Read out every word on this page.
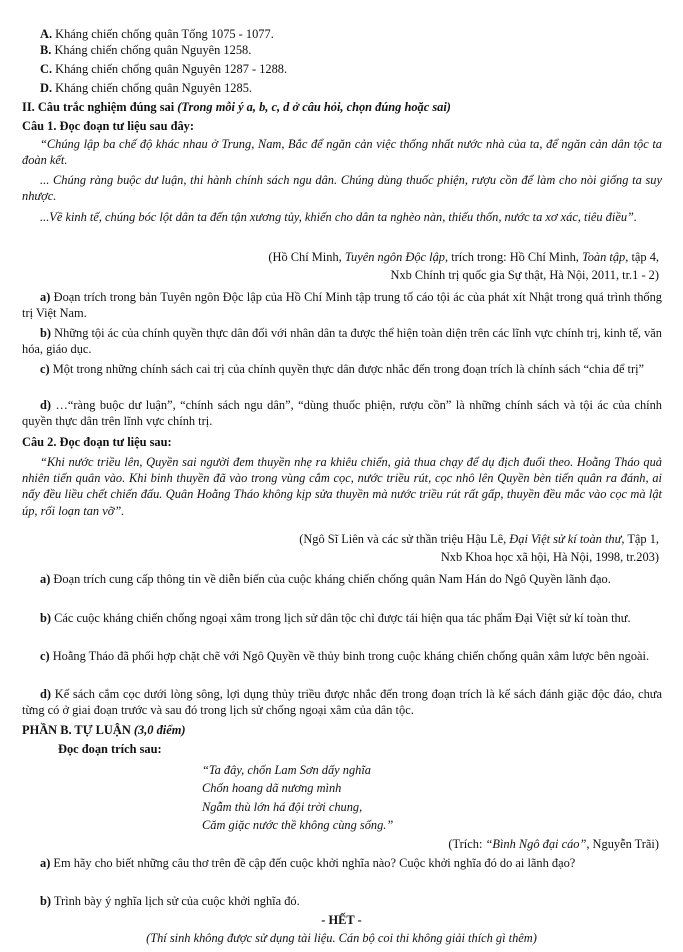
A. Kháng chiến chống quân Tống 1075 - 1077.
B. Kháng chiến chống quân Nguyên 1258.
C. Kháng chiến chống quân Nguyên 1287 - 1288.
D. Kháng chiến chống quân Nguyên 1285.
II. Câu trắc nghiệm đúng sai (Trong mỗi ý a, b, c, d ở câu hỏi, chọn đúng hoặc sai)
Câu 1. Đọc đoạn tư liệu sau đây:
“Chúng lập ba chế độ khác nhau ở Trung, Nam, Bắc để ngăn cản việc thống nhất nước nhà của ta, để ngăn cản dân tộc ta đoàn kết.
... Chúng ràng buộc dư luận, thi hành chính sách ngu dân. Chúng dùng thuốc phiện, rượu cồn để làm cho nòi giống ta suy nhược.
...Về kinh tế, chúng bóc lột dân ta đến tận xương tủy, khiến cho dân ta nghèo nàn, thiếu thốn, nước ta xơ xác, tiêu điều”.
(Hồ Chí Minh, Tuyên ngôn Độc lập, trích trong: Hồ Chí Minh, Toàn tập, tập 4,
Nxb Chính trị quốc gia Sự thật, Hà Nội, 2011, tr.1 - 2)
a) Đoạn trích trong bản Tuyên ngôn Độc lập của Hồ Chí Minh tập trung tố cáo tội ác của phát xít Nhật trong quá trình thống trị Việt Nam.
b) Những tội ác của chính quyền thực dân đối với nhân dân ta được thể hiện toàn diện trên các lĩnh vực chính trị, kinh tế, văn hóa, giáo dục.
c) Một trong những chính sách cai trị của chính quyền thực dân được nhắc đến trong đoạn trích là chính sách “chia để trị”
d) …“ràng buộc dư luận”, “chính sách ngu dân”, “dùng thuốc phiện, rượu cồn” là những chính sách và tội ác của chính quyền thực dân trên lĩnh vực chính trị.
Câu 2. Đọc đoạn tư liệu sau:
“Khi nước triều lên, Quyền sai người đem thuyền nhẹ ra khiêu chiến, giả thua chạy để dụ địch đuổi theo. Hoằng Tháo quả nhiên tiến quân vào. Khi binh thuyền đã vào trong vùng cắm cọc, nước triều rút, cọc nhô lên Quyền bèn tiến quân ra đánh, ai nấy đều liều chết chiến đấu. Quân Hoằng Tháo không kịp sửa thuyền mà nước triều rút rất gấp, thuyền đều mắc vào cọc mà lật úp, rối loạn tan vỡ”.
(Ngô Sĩ Liên và các sử thần triệu Hậu Lê, Đại Việt sử kí toàn thư, Tập 1,
Nxb Khoa học xã hội, Hà Nội, 1998, tr.203)
a) Đoạn trích cung cấp thông tin về diễn biến của cuộc kháng chiến chống quân Nam Hán do Ngô Quyền lãnh đạo.
b) Các cuộc kháng chiến chống ngoại xâm trong lịch sử dân tộc chỉ được tái hiện qua tác phẩm Đại Việt sử kí toàn thư.
c) Hoằng Tháo đã phối hợp chặt chẽ với Ngô Quyền về thủy binh trong cuộc kháng chiến chống quân xâm lược bên ngoài.
d) Kế sách cắm cọc dưới lòng sông, lợi dụng thủy triều được nhắc đến trong đoạn trích là kế sách đánh giặc độc đáo, chưa từng có ở giai đoạn trước và sau đó trong lịch sử chống ngoại xâm của dân tộc.
PHẦN B. TỰ LUẬN (3,0 điểm)
Đọc đoạn trích sau:
“Ta đây, chốn Lam Sơn dấy nghĩa
Chốn hoang dã nương mình
Ngẫm thù lớn há đội trời chung,
Căm giặc nước thề không cùng sống.”
(Trích: “Bình Ngô đại cáo”, Nguyễn Trãi)
a) Em hãy cho biết những câu thơ trên đề cập đến cuộc khởi nghĩa nào? Cuộc khởi nghĩa đó do ai lãnh đạo?
b) Trình bày ý nghĩa lịch sử của cuộc khởi nghĩa đó.
- HẾT -
(Thí sinh không được sử dụng tài liệu. Cán bộ coi thi không giải thích gì thêm)
